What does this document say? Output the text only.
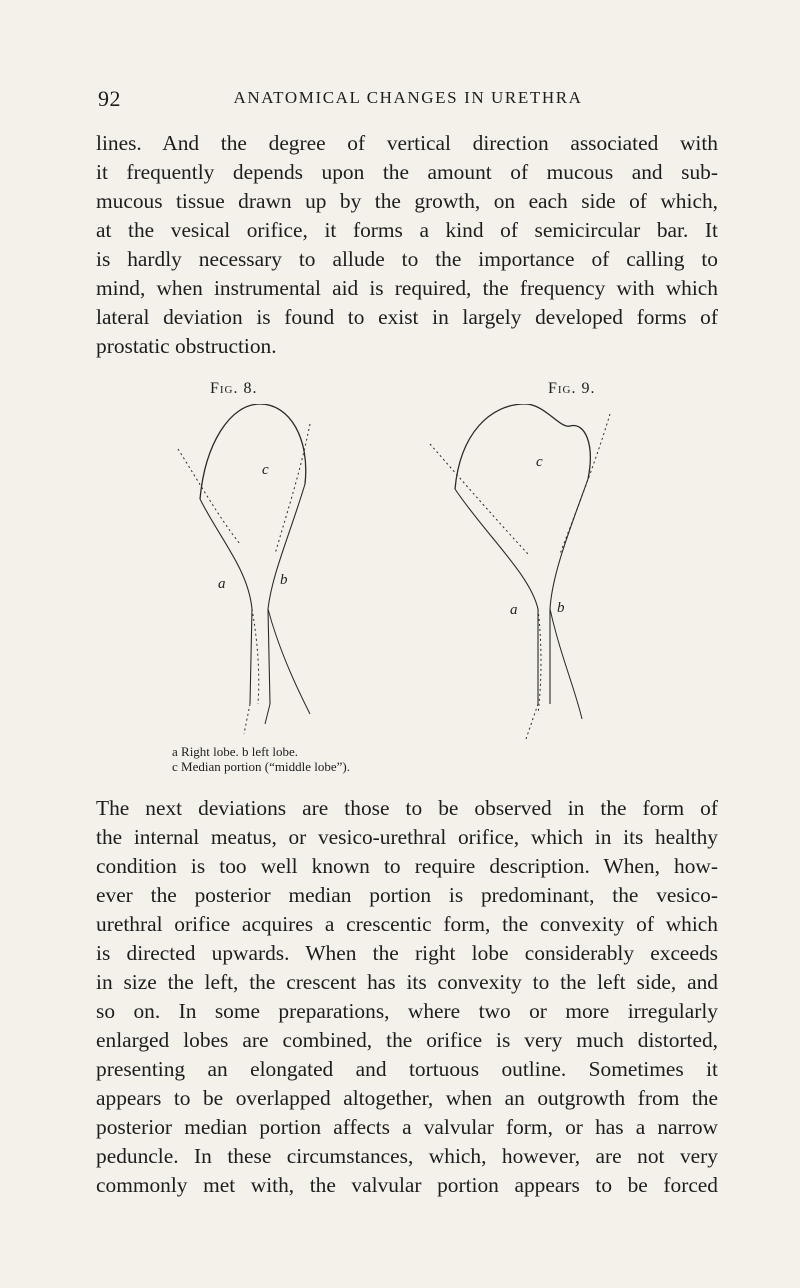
92	ANATOMICAL CHANGES IN URETHRA
lines. And the degree of vertical direction associated with
it frequently depends upon the amount of mucous and sub-
mucous tissue drawn up by the growth, on each side of which,
at the vesical orifice, it forms a kind of semicircular bar. It
is hardly necessary to allude to the importance of calling to
mind, when instrumental aid is required, the frequency with which
lateral deviation is found to exist in largely developed forms of
prostatic obstruction.
Fig. 8.	Fig. 9.
c
a	b
c
a	b
a Right lobe. b left lobe.
c Median portion (“middle lobe”).
The next deviations are those to be observed in the form of
the internal meatus, or vesico-urethral orifice, which in its healthy
condition is too well known to require description. When, how-
ever the posterior median portion is predominant, the vesico-
urethral orifice acquires a crescentic form, the convexity of which
is directed upwards. When the right lobe considerably exceeds
in size the left, the crescent has its convexity to the left side, and
so on. In some preparations, where two or more irregularly
enlarged lobes are combined, the orifice is very much distorted,
presenting an elongated and tortuous outline. Sometimes it
appears to be overlapped altogether, when an outgrowth from the
posterior median portion affects a valvular form, or has a narrow
peduncle. In these circumstances, which, however, are not very
commonly met with, the valvular portion appears to be forced
